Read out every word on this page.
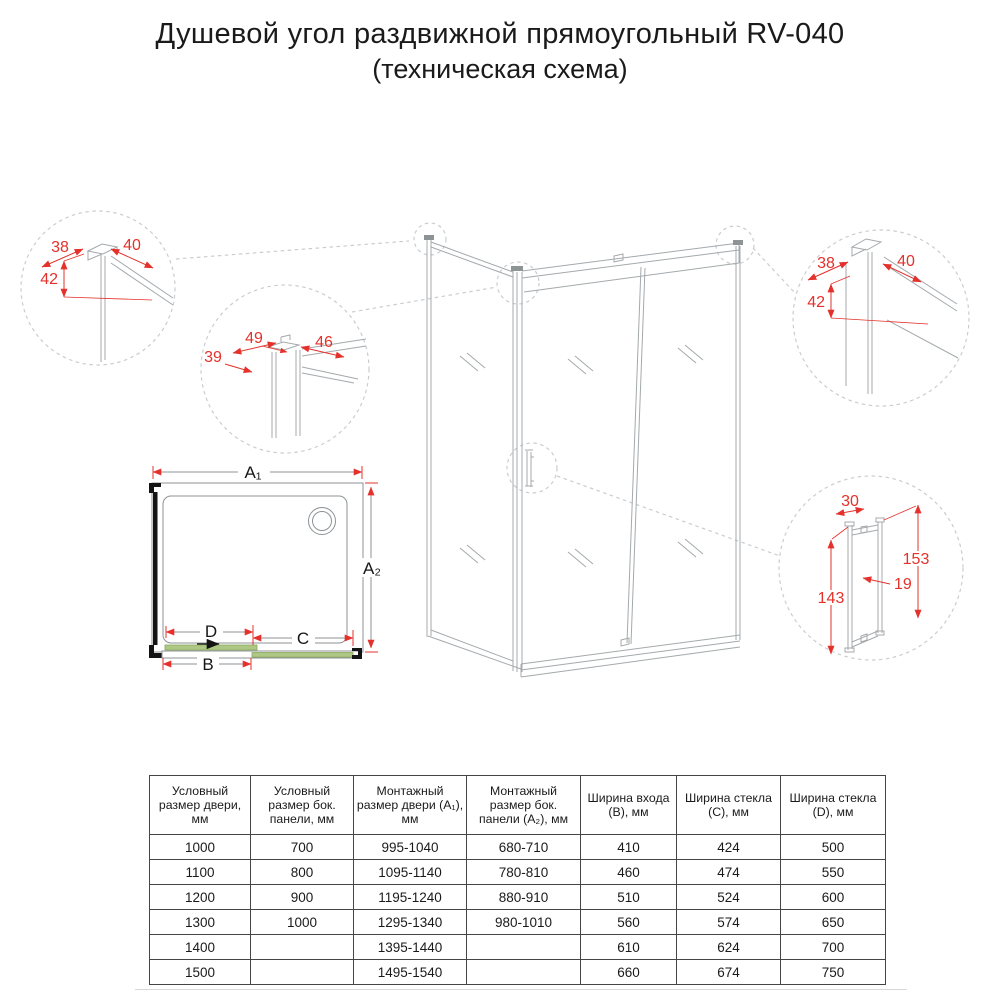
Душевой угол раздвижной прямоугольный RV-040
(техническая схема)
38	40
42
49	46
39
38	40
42
30
153
143
19
A₁
A₂
D	C
B
Условный размер двери, мм	Условный размер бок. панели, мм	Монтажный размер двери (A₁), мм	Монтажный размер бок. панели (A₂), мм	Ширина входа (B), мм	Ширина стекла (C), мм	Ширина стекла (D), мм
1000	700	995-1040	680-710	410	424	500
1100	800	1095-1140	780-810	460	474	550
1200	900	1195-1240	880-910	510	524	600
1300	1000	1295-1340	980-1010	560	574	650
1400		1395-1440		610	624	700
1500		1495-1540		660	674	750
